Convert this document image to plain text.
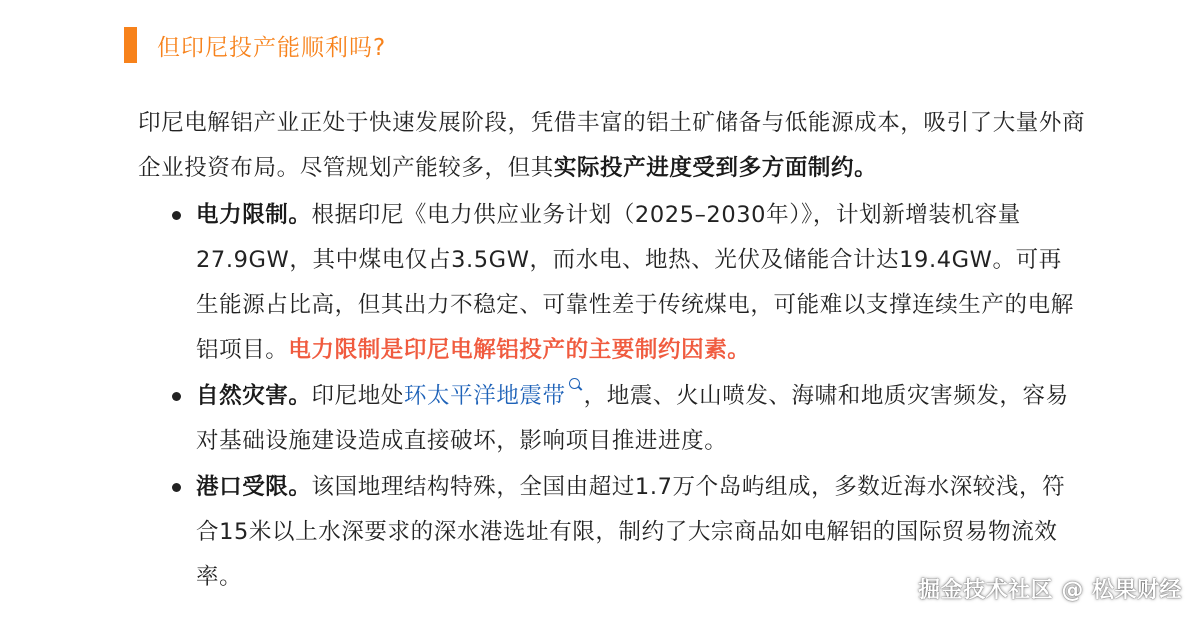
但印尼投产能顺利吗?
印尼电解铝产业正处于快速发展阶段，凭借丰富的铝土矿储备与低能源成本，吸引了大量外商企业投资布局。尽管规划产能较多，但其实际投产进度受到多方面制约。
电力限制。根据印尼《电力供应业务计划（2025–2030年）》，计划新增装机容量27.9GW，其中煤电仅占3.5GW，而水电、地热、光伏及储能合计达19.4GW。可再生能源占比高，但其出力不稳定、可靠性差于传统煤电，可能难以支撑连续生产的电解铝项目。电力限制是印尼电解铝投产的主要制约因素。
自然灾害。印尼地处环太平洋地震带 ，地震、火山喷发、海啸和地质灾害频发，容易对基础设施建设造成直接破坏，影响项目推进进度。
港口受限。该国地理结构特殊，全国由超过1.7万个岛屿组成，多数近海水深较浅，符合15米以上水深要求的深水港选址有限，制约了大宗商品如电解铝的国际贸易物流效率。
掘金技术社区 @ 松果财经
